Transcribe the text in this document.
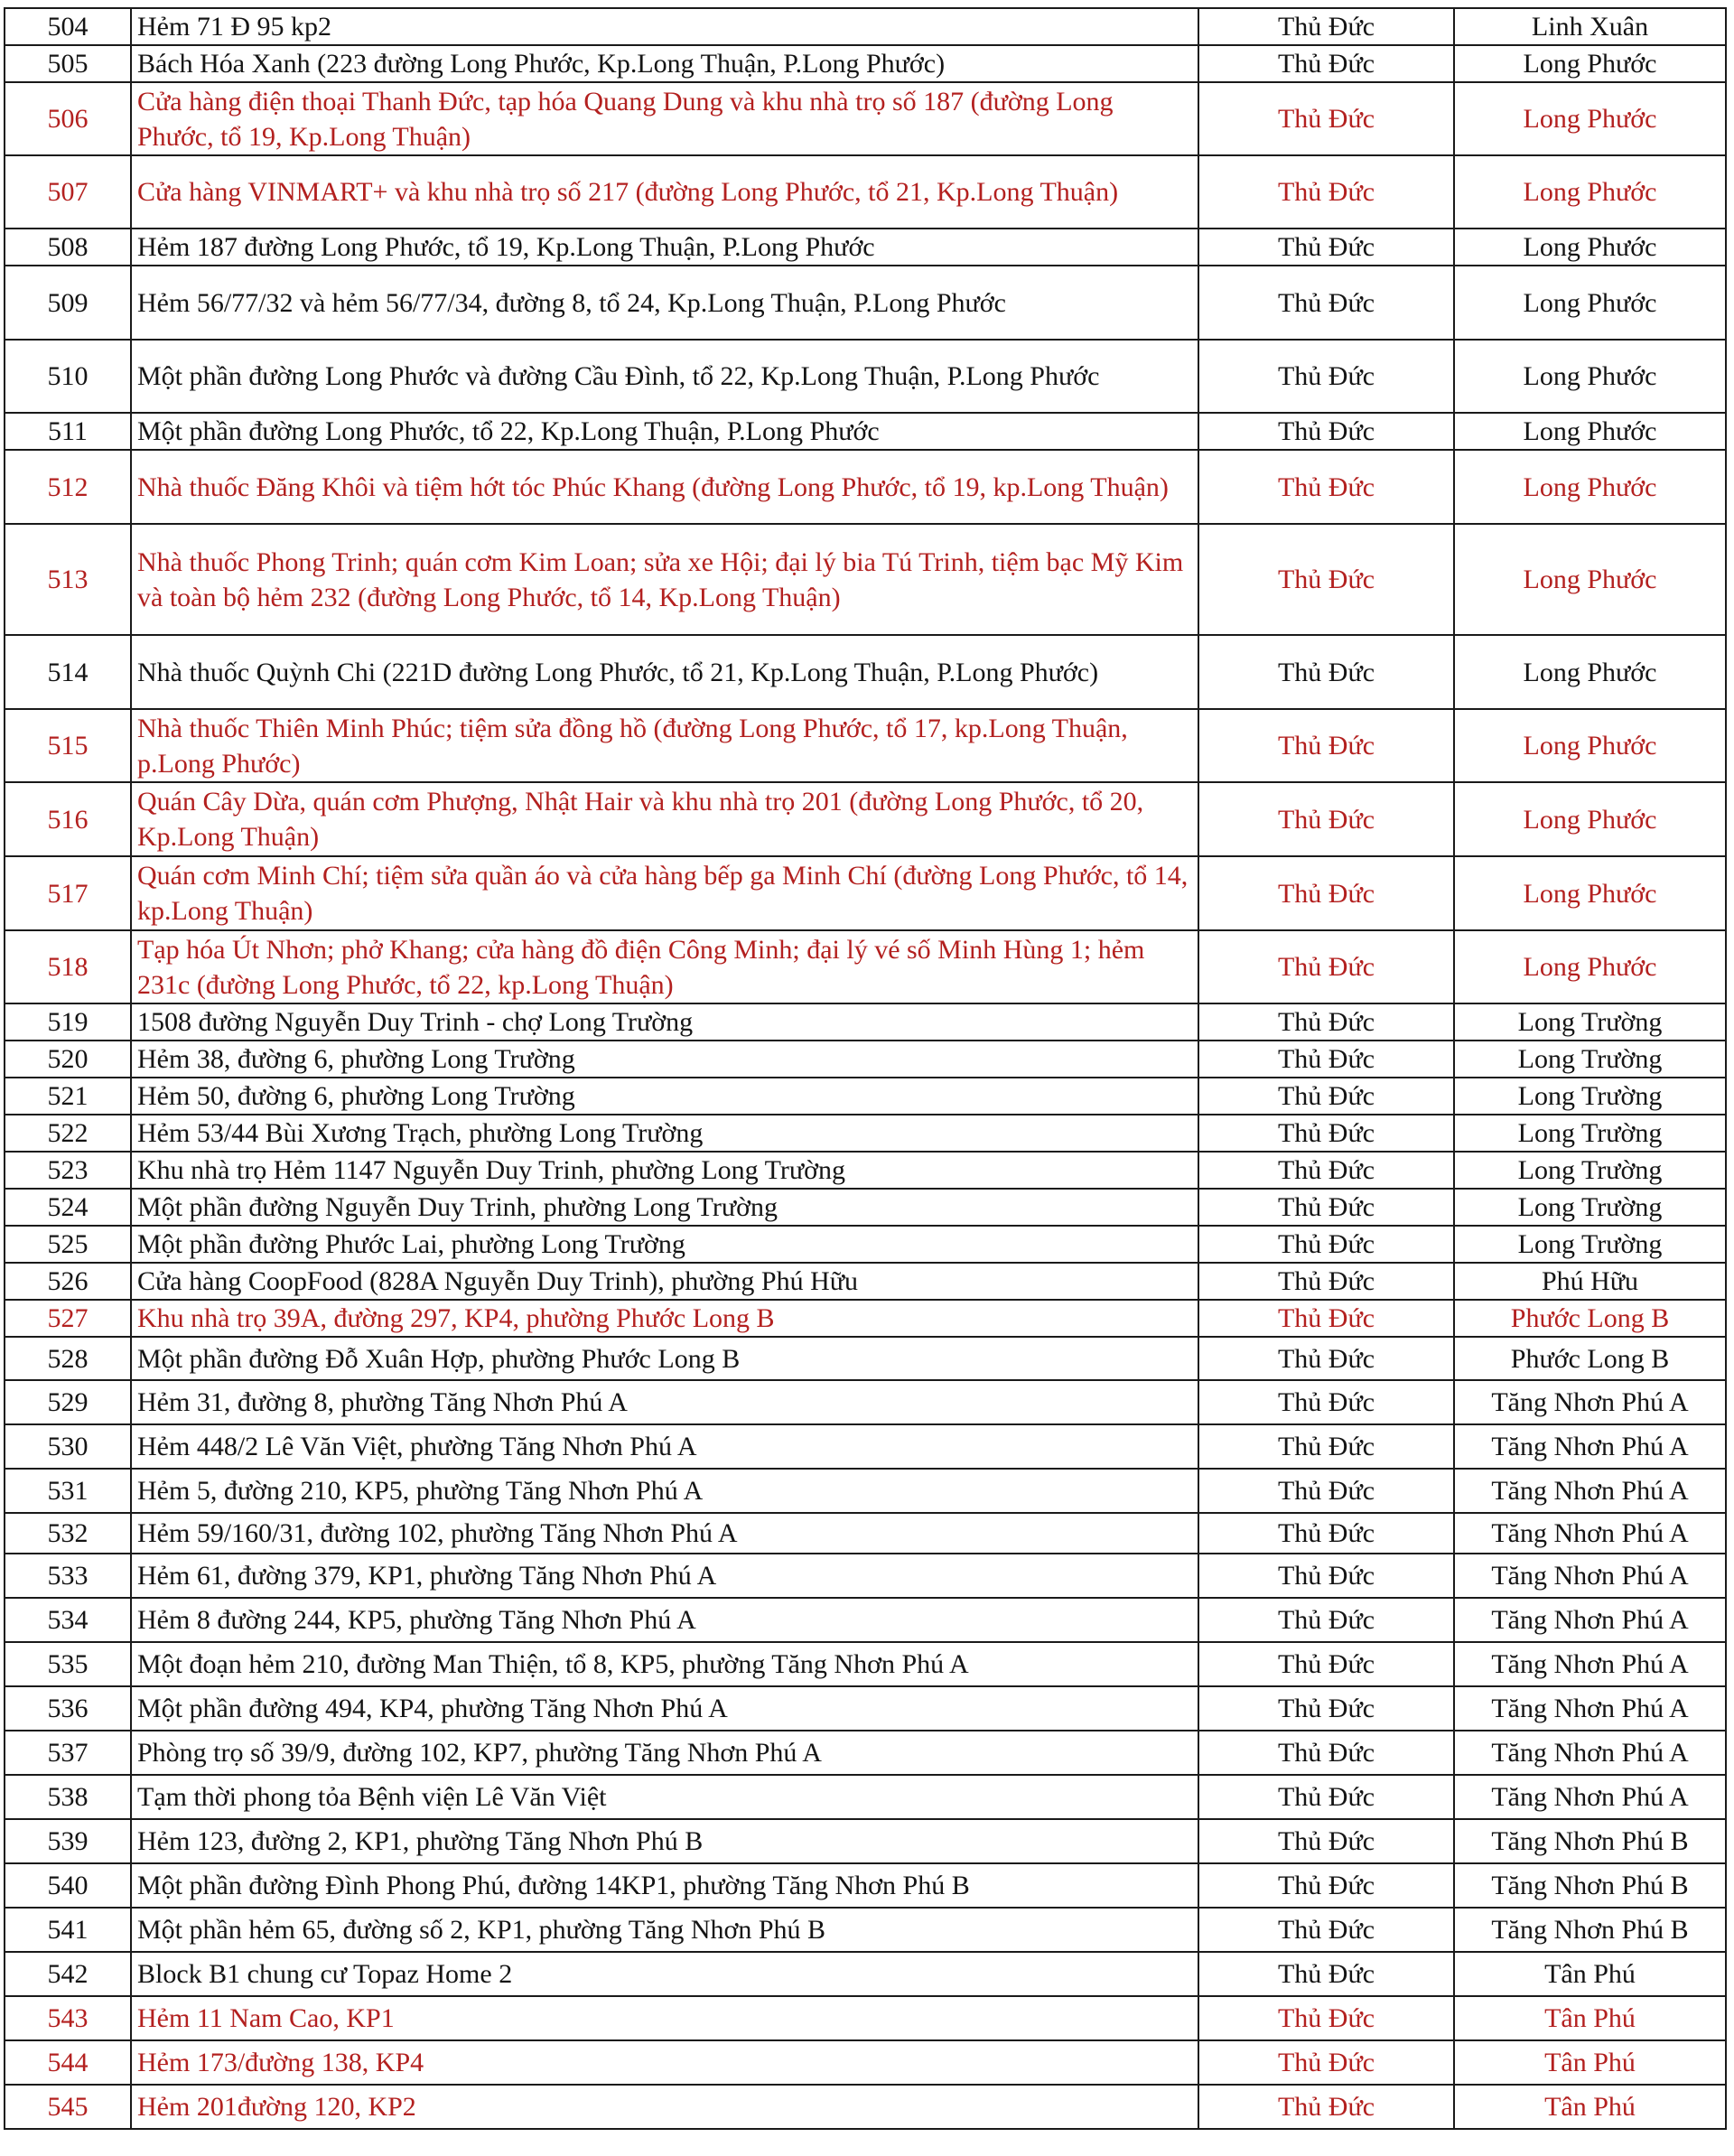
504	Hẻm 71 Đ 95 kp2	Thủ Đức	Linh Xuân
505	Bách Hóa Xanh (223 đường Long Phước, Kp.Long Thuận, P.Long Phước)	Thủ Đức	Long Phước
506	Cửa hàng điện thoại Thanh Đức, tạp hóa Quang Dung và khu nhà trọ số 187 (đường Long Phước, tổ 19, Kp.Long Thuận)	Thủ Đức	Long Phước
507	Cửa hàng VINMART+ và khu nhà trọ số 217 (đường Long Phước, tổ 21, Kp.Long Thuận)	Thủ Đức	Long Phước
508	Hẻm 187 đường Long Phước, tổ 19, Kp.Long Thuận, P.Long Phước	Thủ Đức	Long Phước
509	Hẻm 56/77/32 và hẻm 56/77/34, đường 8, tổ 24, Kp.Long Thuận, P.Long Phước	Thủ Đức	Long Phước
510	Một phần đường Long Phước và đường Cầu Đình, tổ 22, Kp.Long Thuận, P.Long Phước	Thủ Đức	Long Phước
511	Một phần đường Long Phước, tổ 22, Kp.Long Thuận, P.Long Phước	Thủ Đức	Long Phước
512	Nhà thuốc Đăng Khôi và tiệm hớt tóc Phúc Khang (đường Long Phước, tổ 19, kp.Long Thuận)	Thủ Đức	Long Phước
513	Nhà thuốc Phong Trinh; quán cơm Kim Loan; sửa xe Hội; đại lý bia Tú Trinh, tiệm bạc Mỹ Kim và toàn bộ hẻm 232 (đường Long Phước, tổ 14, Kp.Long Thuận)	Thủ Đức	Long Phước
514	Nhà thuốc Quỳnh Chi (221D đường Long Phước, tổ 21, Kp.Long Thuận, P.Long Phước)	Thủ Đức	Long Phước
515	Nhà thuốc Thiên Minh Phúc; tiệm sửa đồng hồ (đường Long Phước, tổ 17, kp.Long Thuận, p.Long Phước)	Thủ Đức	Long Phước
516	Quán Cây Dừa, quán cơm Phượng, Nhật Hair và khu nhà trọ 201 (đường Long Phước, tổ 20, Kp.Long Thuận)	Thủ Đức	Long Phước
517	Quán cơm Minh Chí; tiệm sửa quần áo và cửa hàng bếp ga Minh Chí (đường Long Phước, tổ 14, kp.Long Thuận)	Thủ Đức	Long Phước
518	Tạp hóa Út Nhơn; phở Khang; cửa hàng đồ điện Công Minh; đại lý vé số Minh Hùng 1; hẻm 231c (đường Long Phước, tổ 22, kp.Long Thuận)	Thủ Đức	Long Phước
519	1508 đường Nguyễn Duy Trinh - chợ Long Trường	Thủ Đức	Long Trường
520	Hẻm 38, đường 6, phường Long Trường	Thủ Đức	Long Trường
521	Hẻm 50, đường 6, phường Long Trường	Thủ Đức	Long Trường
522	Hẻm 53/44 Bùi Xương Trạch, phường Long Trường	Thủ Đức	Long Trường
523	Khu nhà trọ Hẻm 1147 Nguyễn Duy Trinh, phường Long Trường	Thủ Đức	Long Trường
524	Một phần đường Nguyễn Duy Trinh, phường Long Trường	Thủ Đức	Long Trường
525	Một phần đường Phước Lai, phường Long Trường	Thủ Đức	Long Trường
526	Cửa hàng CoopFood (828A Nguyễn Duy Trinh), phường Phú Hữu	Thủ Đức	Phú Hữu
527	Khu nhà trọ 39A, đường 297, KP4, phường Phước Long B	Thủ Đức	Phước Long B
528	Một phần đường Đỗ Xuân Hợp, phường Phước Long B	Thủ Đức	Phước Long B
529	Hẻm 31, đường 8, phường Tăng Nhơn Phú A	Thủ Đức	Tăng Nhơn Phú A
530	Hẻm 448/2 Lê Văn Việt, phường Tăng Nhơn Phú A	Thủ Đức	Tăng Nhơn Phú A
531	Hẻm 5, đường 210, KP5, phường Tăng Nhơn Phú A	Thủ Đức	Tăng Nhơn Phú A
532	Hẻm 59/160/31, đường 102, phường Tăng Nhơn Phú A	Thủ Đức	Tăng Nhơn Phú A
533	Hẻm 61, đường 379, KP1, phường Tăng Nhơn Phú A	Thủ Đức	Tăng Nhơn Phú A
534	Hẻm 8 đường 244, KP5, phường Tăng Nhơn Phú A	Thủ Đức	Tăng Nhơn Phú A
535	Một đoạn hẻm 210, đường Man Thiện, tổ 8, KP5, phường Tăng Nhơn Phú A	Thủ Đức	Tăng Nhơn Phú A
536	Một phần đường 494, KP4, phường Tăng Nhơn Phú A	Thủ Đức	Tăng Nhơn Phú A
537	Phòng trọ số 39/9, đường 102, KP7, phường Tăng Nhơn Phú A	Thủ Đức	Tăng Nhơn Phú A
538	Tạm thời phong tỏa Bệnh viện Lê Văn Việt	Thủ Đức	Tăng Nhơn Phú A
539	Hẻm 123, đường 2, KP1, phường Tăng Nhơn Phú B	Thủ Đức	Tăng Nhơn Phú B
540	Một phần đường Đình Phong Phú, đường 14KP1, phường Tăng Nhơn Phú B	Thủ Đức	Tăng Nhơn Phú B
541	Một phần hẻm 65, đường số 2, KP1, phường Tăng Nhơn Phú B	Thủ Đức	Tăng Nhơn Phú B
542	Block B1 chung cư Topaz Home 2	Thủ Đức	Tân Phú
543	Hẻm 11 Nam Cao, KP1	Thủ Đức	Tân Phú
544	Hẻm 173/đường 138, KP4	Thủ Đức	Tân Phú
545	Hẻm 201đường 120, KP2	Thủ Đức	Tân Phú
